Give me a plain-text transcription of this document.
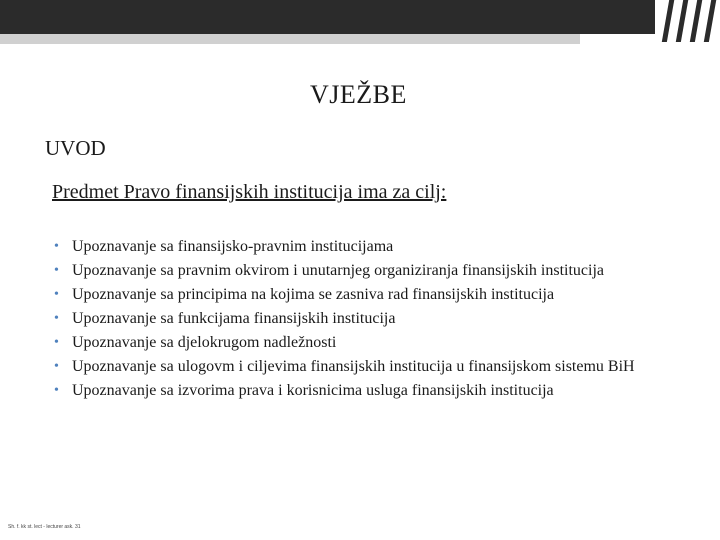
VJEŽBE
UVOD
Predmet Pravo finansijskih institucija ima za cilj:
• Upoznavanje sa finansijsko-pravnim institucijama
• Upoznavanje sa pravnim okvirom i unutarnjeg organiziranja finansijskih institucija
• Upoznavanje sa principima na kojima se zasniva rad finansijskih institucija
• Upoznavanje sa funkcijama finansijskih institucija
• Upoznavanje sa djelokrugom nadležnosti
• Upoznavanje sa ulogovm i ciljevima finansijskih institucija u finansijskom sistemu BiH
• Upoznavanje sa izvorima prava i korisnicima usluga finansijskih institucija
Sh. f. kk st. lect - lecturer ask. 31
